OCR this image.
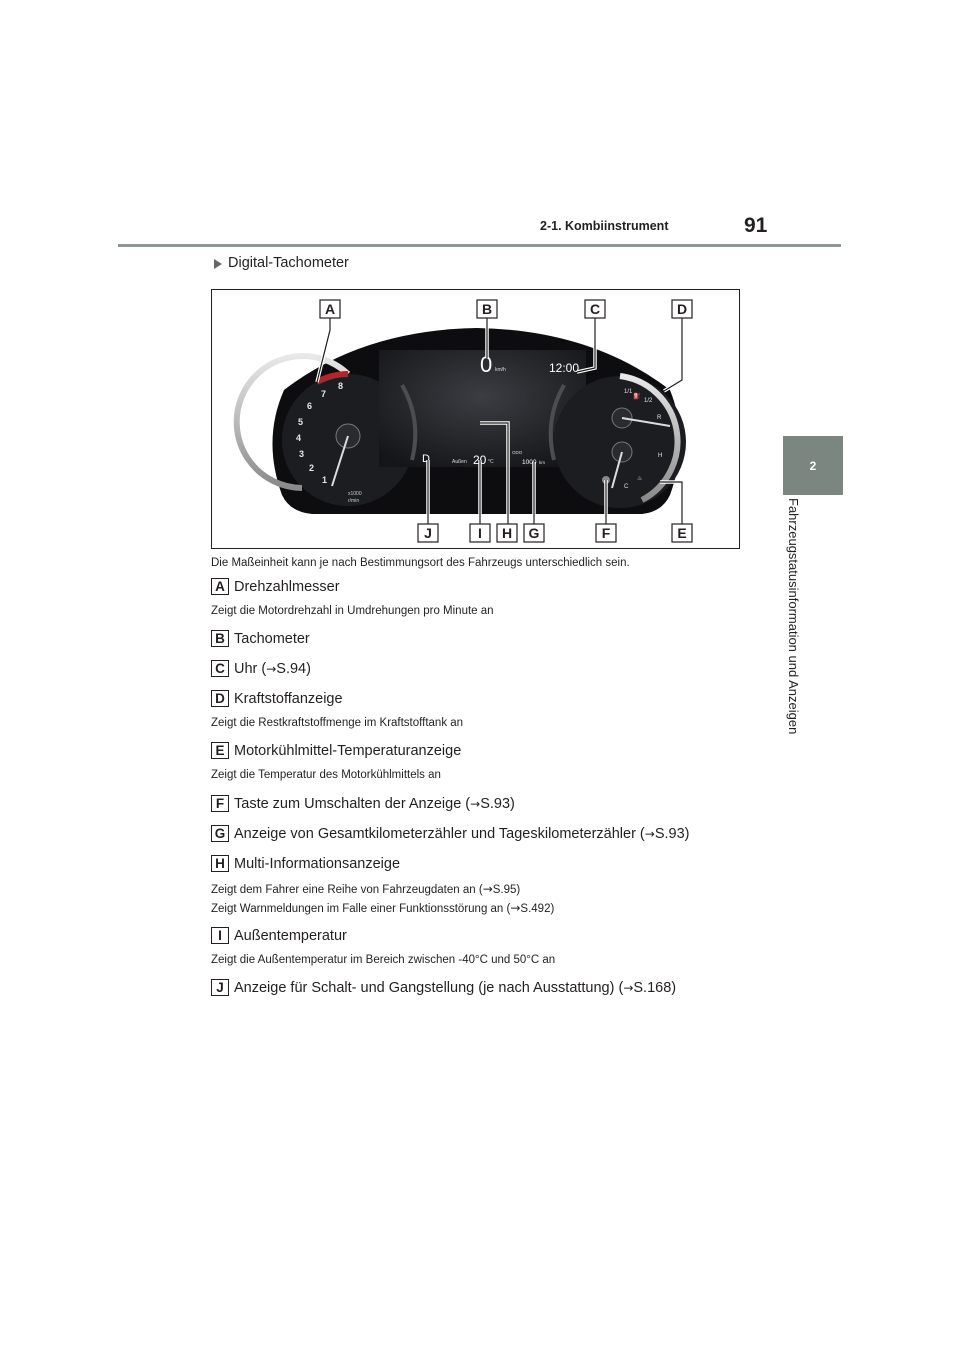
91
2-1. Kombiinstrument
2
Fahrzeugstatusinformation und Anzeigen
Digital-Tachometer
1
2
3
4
5
6
7
8
x1000
r/min
0 km/h	12:00
D	Außen 20 °C
ODO
1000 km
1/1
1/2
R
H
C
⛽
♨
A	B	C	D
J	I H G	F	E
Die Maßeinheit kann je nach Bestimmungsort des Fahrzeugs unterschiedlich sein.
A Drehzahlmesser
Zeigt die Motordrehzahl in Umdrehungen pro Minute an
B Tachometer
C Uhr ( → S.94)
D Kraftstoffanzeige
Zeigt die Restkraftstoffmenge im Kraftstofftank an
E Motorkühlmittel-Temperaturanzeige
Zeigt die Temperatur des Motorkühlmittels an
F Taste zum Umschalten der Anzeige ( → S.93)
G Anzeige von Gesamtkilometerzähler und Tageskilometerzähler ( → S.93)
H Multi-Informationsanzeige
Zeigt dem Fahrer eine Reihe von Fahrzeugdaten an (→S.95)
Zeigt Warnmeldungen im Falle einer Funktionsstörung an (→S.492)
I Außentemperatur
Zeigt die Außentemperatur im Bereich zwischen -40°C und 50°C an
J Anzeige für Schalt- und Gangstellung (je nach Ausstattung) ( → S.168)
